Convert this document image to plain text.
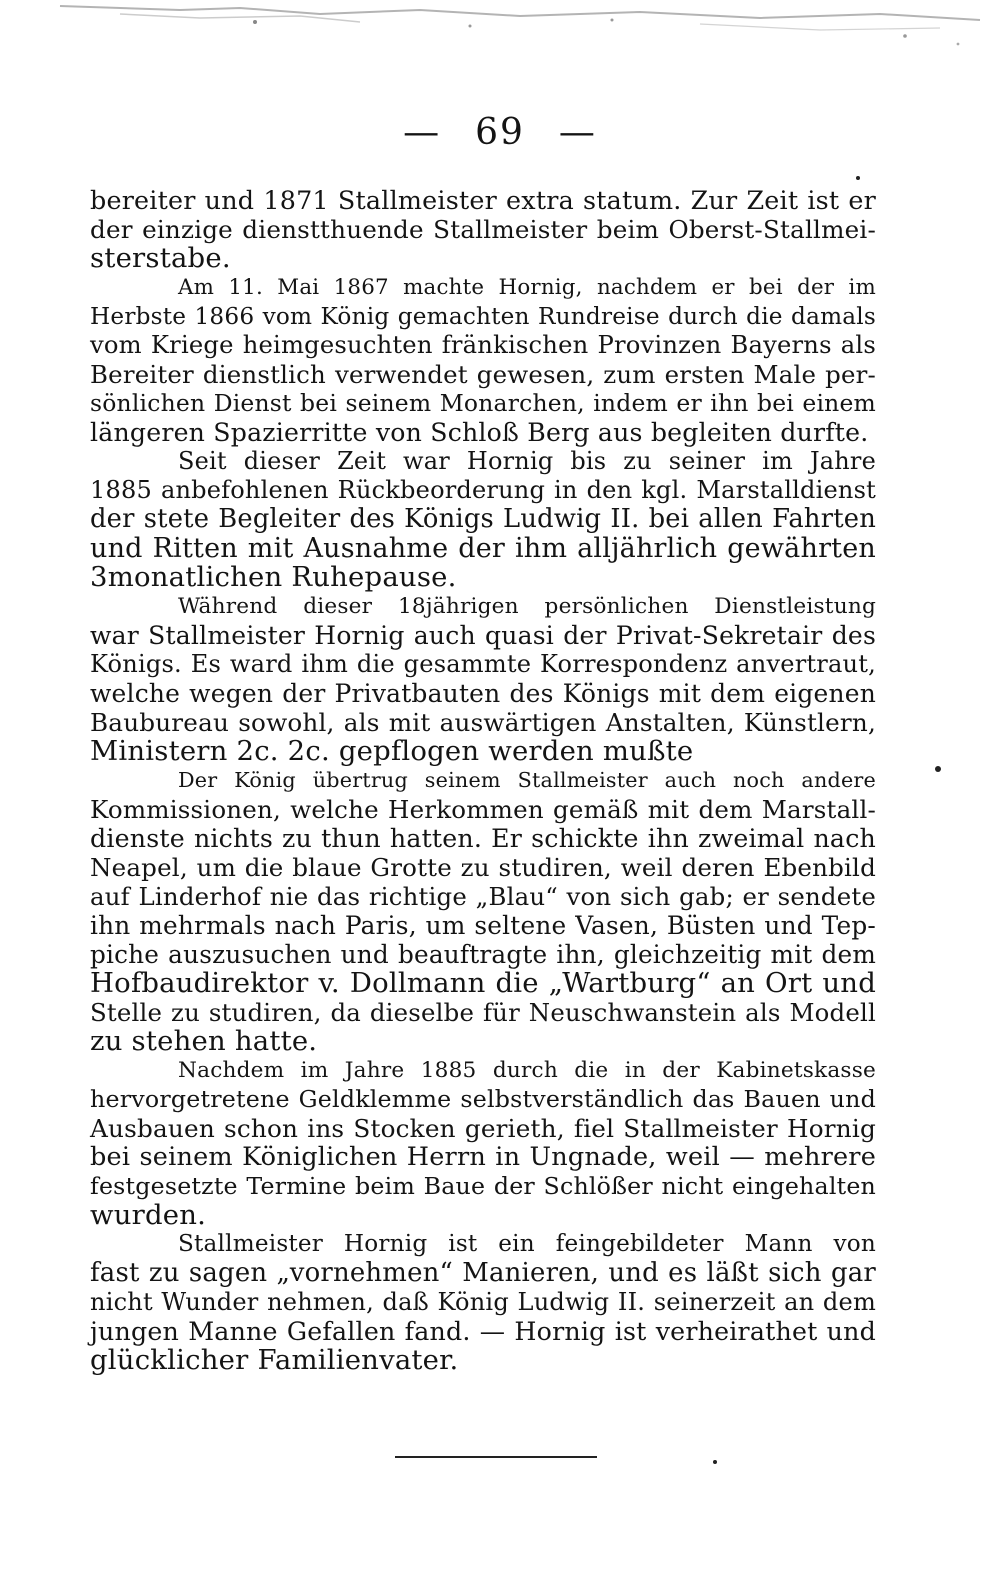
— 69 —

bereiter und 1871 Stallmeister extra statum. Zur Zeit ist er
der einzige dienstthuende Stallmeister beim Oberst-Stallmei-
sterstabe.

Am 11. Mai 1867 machte Hornig, nachdem er bei der im
Herbste 1866 vom König gemachten Rundreise durch die damals
vom Kriege heimgesuchten fränkischen Provinzen Bayerns als
Bereiter dienstlich verwendet gewesen, zum ersten Male per-
sönlichen Dienst bei seinem Monarchen, indem er ihn bei einem
längeren Spazierritte von Schloß Berg aus begleiten durfte.

Seit dieser Zeit war Hornig bis zu seiner im Jahre
1885 anbefohlenen Rückbeorderung in den kgl. Marstalldienst
der stete Begleiter des Königs Ludwig II. bei allen Fahrten
und Ritten mit Ausnahme der ihm alljährlich gewährten
3monatlichen Ruhepause.

Während dieser 18jährigen persönlichen Dienstleistung
war Stallmeister Hornig auch quasi der Privat-Sekretair des
Königs. Es ward ihm die gesammte Korrespondenz anvertraut,
welche wegen der Privatbauten des Königs mit dem eigenen
Baubureau sowohl, als mit auswärtigen Anstalten, Künstlern,
Ministern 2c. 2c. gepflogen werden mußte

Der König übertrug seinem Stallmeister auch noch andere
Kommissionen, welche Herkommen gemäß mit dem Marstall-
dienste nichts zu thun hatten. Er schickte ihn zweimal nach
Neapel, um die blaue Grotte zu studiren, weil deren Ebenbild
auf Linderhof nie das richtige „Blau“ von sich gab; er sendete
ihn mehrmals nach Paris, um seltene Vasen, Büsten und Tep-
piche auszusuchen und beauftragte ihn, gleichzeitig mit dem
Hofbaudirektor v. Dollmann die „Wartburg“ an Ort und
Stelle zu studiren, da dieselbe für Neuschwanstein als Modell
zu stehen hatte.

Nachdem im Jahre 1885 durch die in der Kabinetskasse
hervorgetretene Geldklemme selbstverständlich das Bauen und
Ausbauen schon ins Stocken gerieth, fiel Stallmeister Hornig
bei seinem Königlichen Herrn in Ungnade, weil — mehrere
festgesetzte Termine beim Baue der Schlößer nicht eingehalten
wurden.

Stallmeister Hornig ist ein feingebildeter Mann von
fast zu sagen „vornehmen“ Manieren, und es läßt sich gar
nicht Wunder nehmen, daß König Ludwig II. seinerzeit an dem
jungen Manne Gefallen fand. — Hornig ist verheirathet und
glücklicher Familienvater.
